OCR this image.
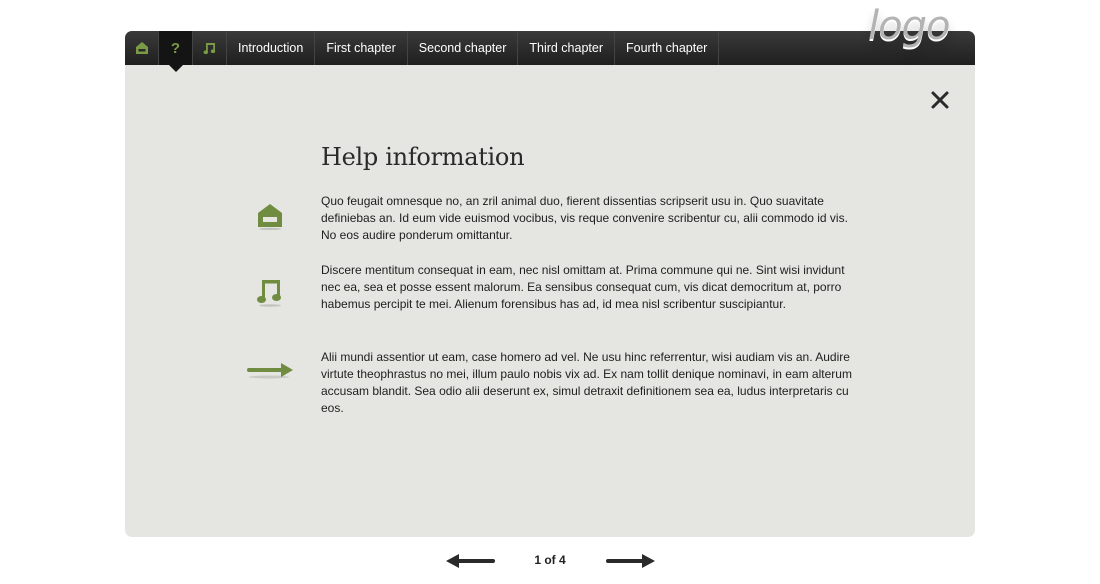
logo
?	Introduction	First chapter	Second chapter	Third chapter	Fourth chapter
Help information

Quo feugait omnesque no, an zril animal duo, fierent dissentias scripserit usu in. Quo suavitate definiebas an. Id eum vide euismod vocibus, vis reque convenire scribentur cu, alii commodo id vis. No eos audire ponderum omittantur.

Discere mentitum consequat in eam, nec nisl omittam at. Prima commune qui ne. Sint wisi invidunt nec ea, sea et posse essent malorum. Ea sensibus consequat cum, vis dicat democritum at, porro habemus percipit te mei. Alienum forensibus has ad, id mea nisl scribentur suscipiantur.

Alii mundi assentior ut eam, case homero ad vel. Ne usu hinc referrentur, wisi audiam vis an. Audire virtute theophrastus no mei, illum paulo nobis vix ad. Ex nam tollit denique nominavi, in eam alterum accusam blandit. Sea odio alii deserunt ex, simul detraxit definitionem sea ea, ludus interpretaris cu eos.

1 of 4
